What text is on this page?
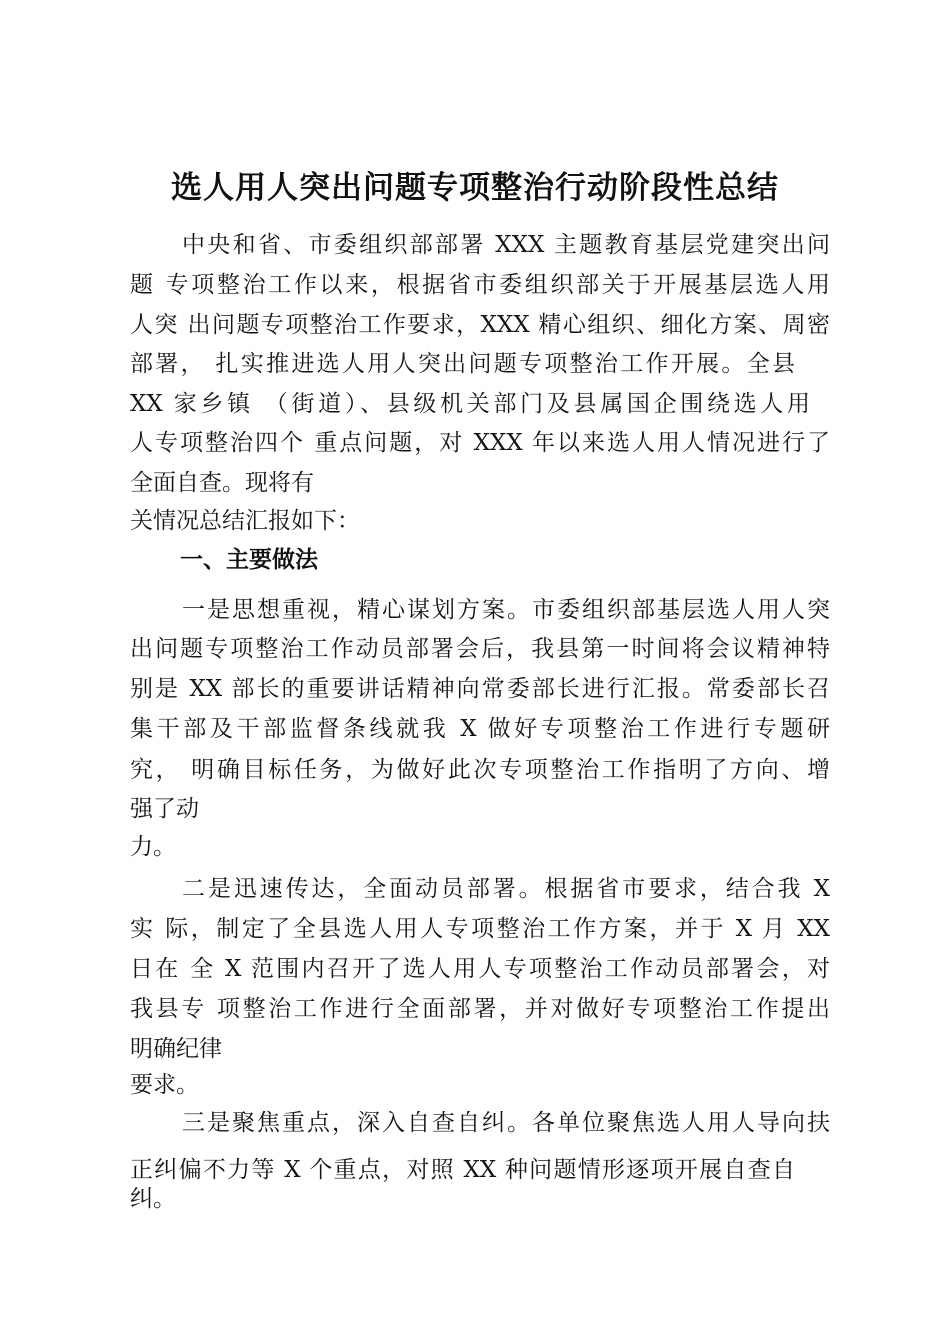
选人用人突出问题专项整治行动阶段性总结
中央和省、市委组织部部署 XXX 主题教育基层党建突出问
题 专项整治工作以来，根据省市委组织部关于开展基层选人用
人突 出问题专项整治工作要求，XXX 精心组织、细化方案、周密
部署， 扎实推进选人用人突出问题专项整治工作开展。全县
XX 家乡镇 （街道）、县级机关部门及县属国企围绕选人用
人专项整治四个 重点问题，对 XXX 年以来选人用人情况进行了
全面自查。现将有
关情况总结汇报如下：
一、主要做法
一是思想重视，精心谋划方案。市委组织部基层选人用人突
出问题专项整治工作动员部署会后，我县第一时间将会议精神特
别是 XX 部长的重要讲话精神向常委部长进行汇报。常委部长召
集干部及干部监督条线就我 X 做好专项整治工作进行专题研
究， 明确目标任务，为做好此次专项整治工作指明了方向、增
强了动
力。
二是迅速传达，全面动员部署。根据省市要求，结合我 X
实 际，制定了全县选人用人专项整治工作方案，并于 X 月 XX
日在 全 X 范围内召开了选人用人专项整治工作动员部署会，对
我县专 项整治工作进行全面部署，并对做好专项整治工作提出
明确纪律
要求。
三是聚焦重点，深入自查自纠。各单位聚焦选人用人导向扶
正纠偏不力等 X 个重点，对照 XX 种问题情形逐项开展自查自
纠。
